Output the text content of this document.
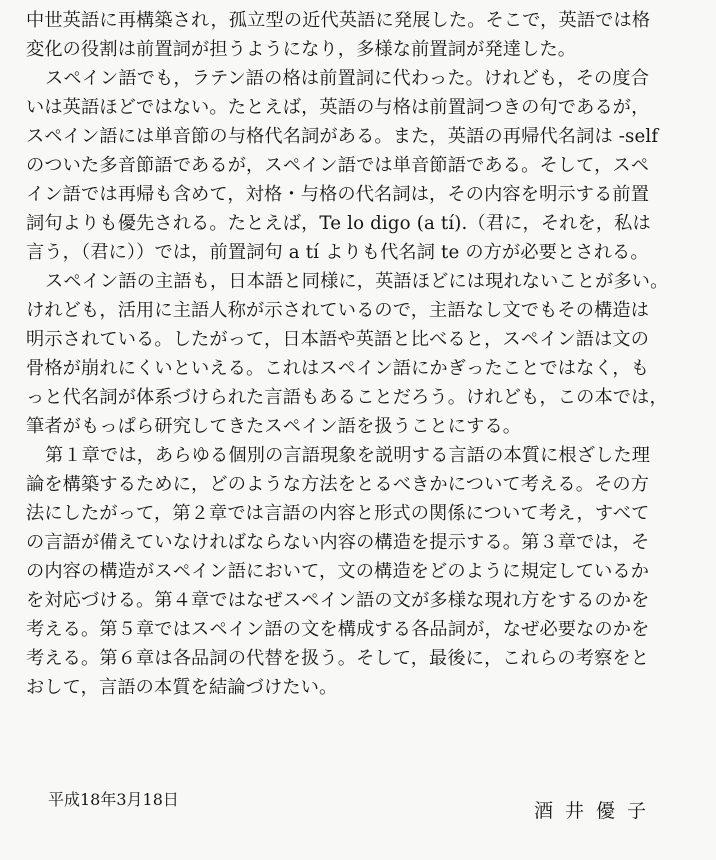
中世英語に再構築され，孤立型の近代英語に発展した。そこで，英語では格
変化の役割は前置詞が担うようになり，多様な前置詞が発達した。
スペイン語でも，ラテン語の格は前置詞に代わった。けれども，その度合
いは英語ほどではない。たとえば，英語の与格は前置詞つきの句であるが，
スペイン語には単音節の与格代名詞がある。また，英語の再帰代名詞は -self
のついた多音節語であるが，スペイン語では単音節語である。そして，スペ
イン語では再帰も含めて，対格・与格の代名詞は，その内容を明示する前置
詞句よりも優先される。たとえば，Te lo digo (a tí).（君に，それを，私は
言う，（君に））では，前置詞句 a tí よりも代名詞 te の方が必要とされる。
スペイン語の主語も，日本語と同様に，英語ほどには現れないことが多い。
けれども，活用に主語人称が示されているので，主語なし文でもその構造は
明示されている。したがって，日本語や英語と比べると，スペイン語は文の
骨格が崩れにくいといえる。これはスペイン語にかぎったことではなく，も
っと代名詞が体系づけられた言語もあることだろう。けれども，この本では，
筆者がもっぱら研究してきたスペイン語を扱うことにする。
第１章では，あらゆる個別の言語現象を説明する言語の本質に根ざした理
論を構築するために，どのような方法をとるべきかについて考える。その方
法にしたがって，第２章では言語の内容と形式の関係について考え，すべて
の言語が備えていなければならない内容の構造を提示する。第３章では，そ
の内容の構造がスペイン語において，文の構造をどのように規定しているか
を対応づける。第４章ではなぜスペイン語の文が多様な現れ方をするのかを
考える。第５章ではスペイン語の文を構成する各品詞が，なぜ必要なのかを
考える。第６章は各品詞の代替を扱う。そして，最後に，これらの考察をと
おして，言語の本質を結論づけたい。
平成18年3月18日
酒井優子
